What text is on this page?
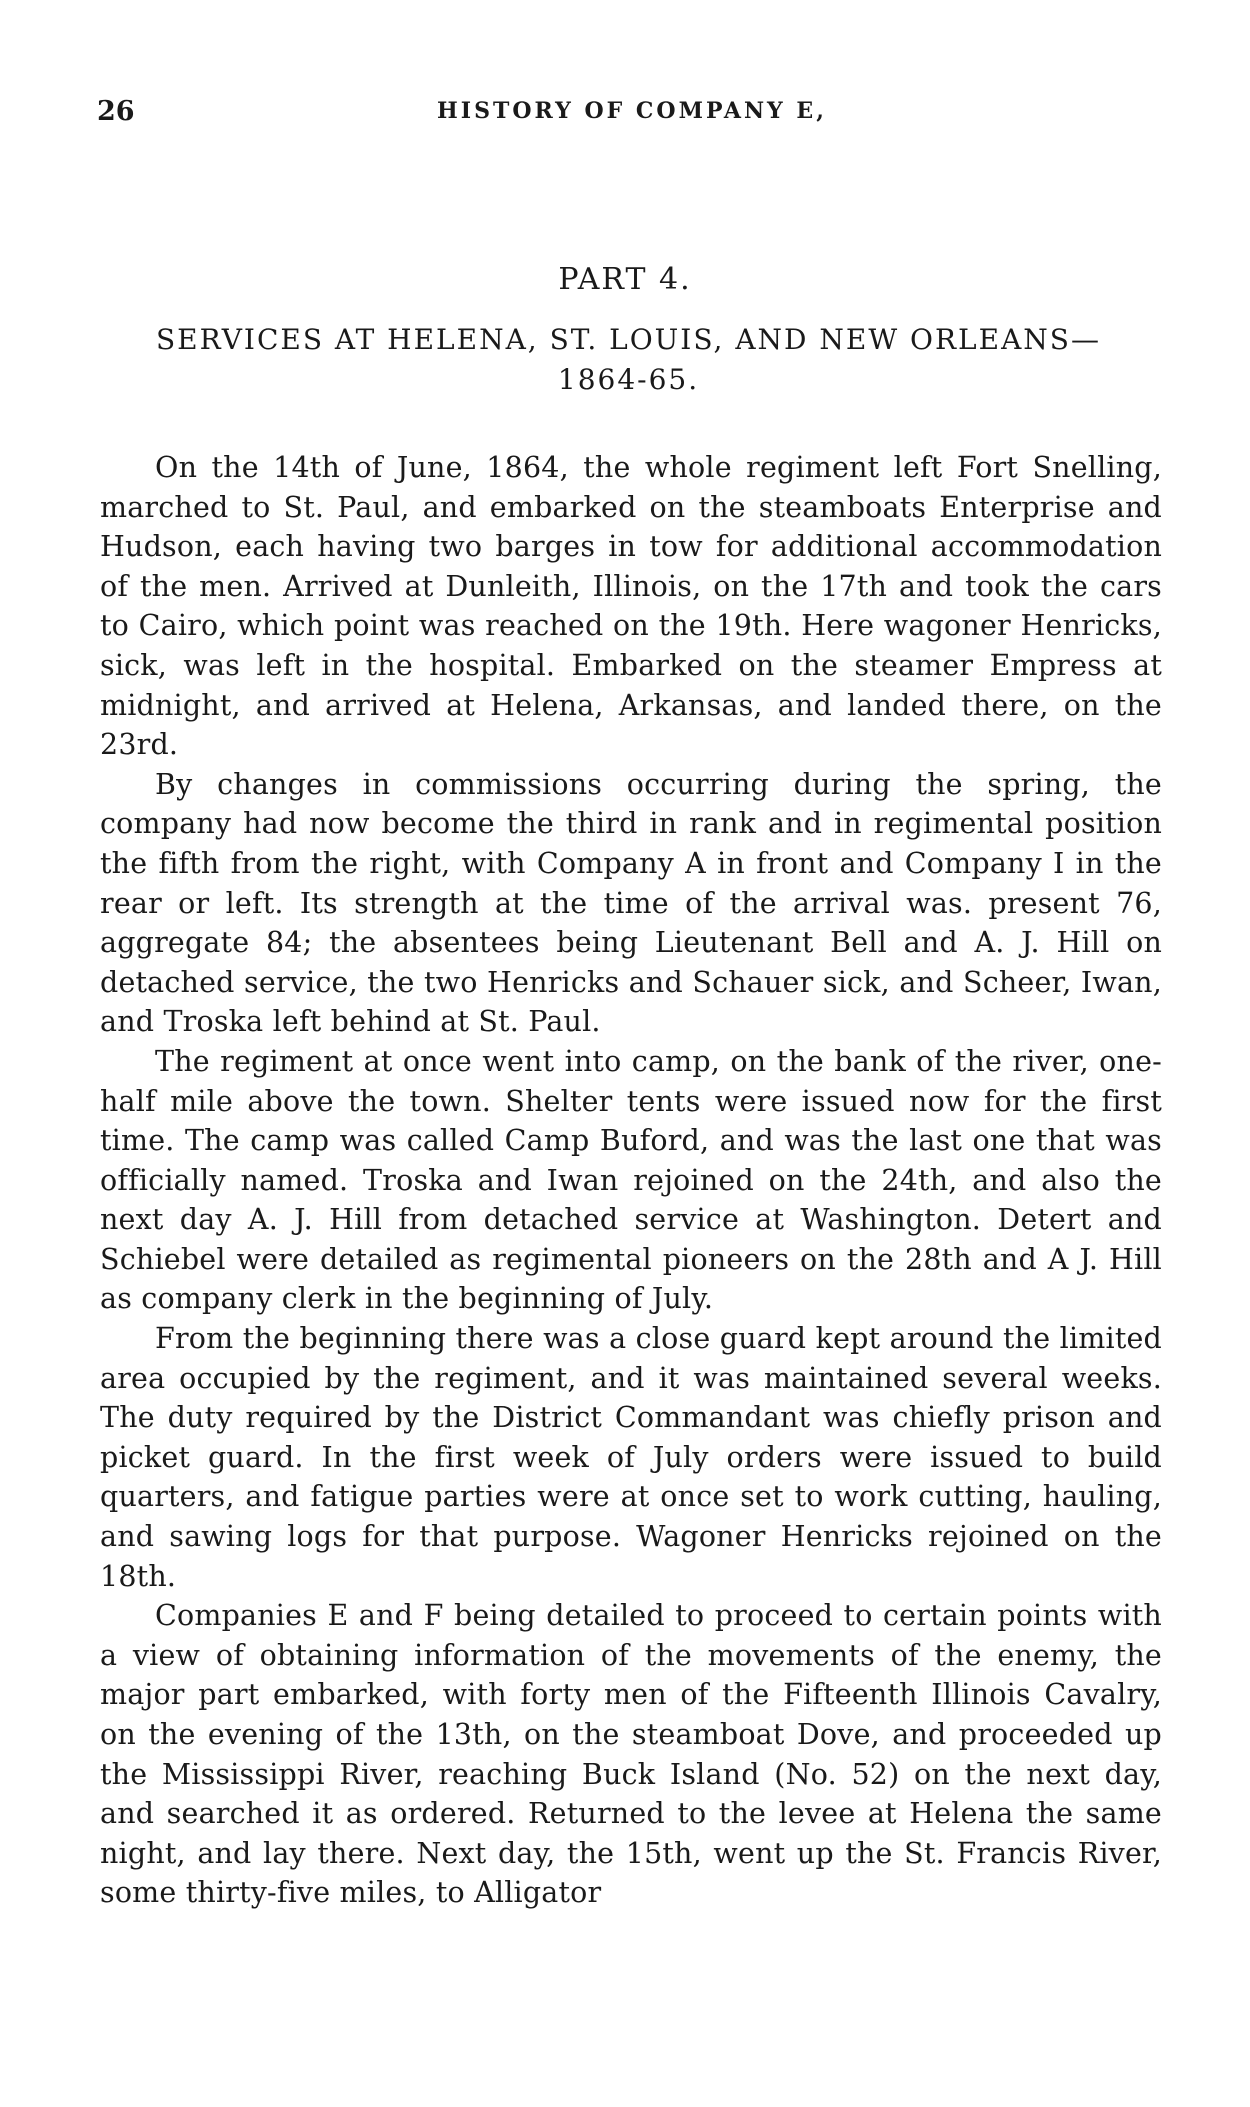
26	HISTORY OF COMPANY E,
PART 4.
SERVICES AT HELENA, ST. LOUIS, AND NEW ORLEANS—
1864-65.

On the 14th of June, 1864, the whole regiment left Fort Snelling, marched to St. Paul, and embarked on the steamboats Enterprise and Hudson, each having two barges in tow for additional accommodation of the men. Arrived at Dunleith, Illinois, on the 17th and took the cars to Cairo, which point was reached on the 19th. Here wagoner Henricks, sick, was left in the hospital. Embarked on the steamer Empress at midnight, and arrived at Helena, Arkansas, and landed there, on the 23rd.

By changes in commissions occurring during the spring, the company had now become the third in rank and in regimental position the fifth from the right, with Company A in front and Company I in the rear or left. Its strength at the time of the arrival was. present 76, aggregate 84; the absentees being Lieutenant Bell and A. J. Hill on detached service, the two Henricks and Schauer sick, and Scheer, Iwan, and Troska left behind at St. Paul.

The regiment at once went into camp, on the bank of the river, one-half mile above the town. Shelter tents were issued now for the first time. The camp was called Camp Buford, and was the last one that was officially named. Troska and Iwan rejoined on the 24th, and also the next day A. J. Hill from detached service at Washington. Detert and Schiebel were detailed as regimental pioneers on the 28th and A J. Hill as company clerk in the beginning of July.

From the beginning there was a close guard kept around the limited area occupied by the regiment, and it was maintained several weeks. The duty required by the District Commandant was chiefly prison and picket guard. In the first week of July orders were issued to build quarters, and fatigue parties were at once set to work cutting, hauling, and sawing logs for that purpose. Wagoner Henricks rejoined on the 18th.

Companies E and F being detailed to proceed to certain points with a view of obtaining information of the movements of the enemy, the major part embarked, with forty men of the Fifteenth Illinois Cavalry, on the evening of the 13th, on the steamboat Dove, and proceeded up the Mississippi River, reaching Buck Island (No. 52) on the next day, and searched it as ordered. Returned to the levee at Helena the same night, and lay there. Next day, the 15th, went up the St. Francis River, some thirty-five miles, to Alligator
